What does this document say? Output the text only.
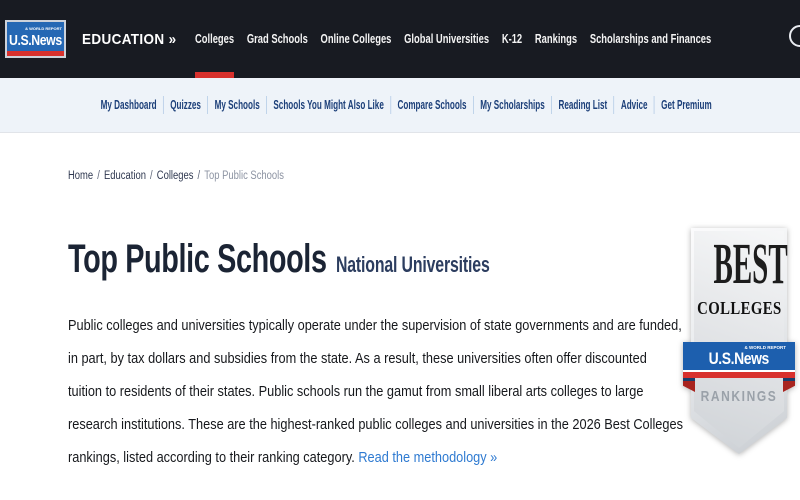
& WORLD REPORT
U.S.News EDUCATION » Colleges Grad Schools Online Colleges Global Universities K-12 Rankings Scholarships and Finances
My Dashboard	Quizzes	My Schools	Schools You Might Also Like	Compare Schools	My Scholarships	Reading List	Advice	Get Premium
Home / Education / Colleges / Top Public Schools
Top Public Schools National Universities

Public colleges and universities typically operate under the supervision of state governments and are funded, in part, by tax dollars and subsidies from the state. As a result, these universities often offer discounted tuition to residents of their states. Public schools run the gamut from small liberal arts colleges to large research institutions. These are the highest-ranked public colleges and universities in the 2026 Best Colleges rankings, listed according to their ranking category. Read the methodology »

BEST
COLLEGES
& WORLD REPORT
U.S.News
RANKINGS
